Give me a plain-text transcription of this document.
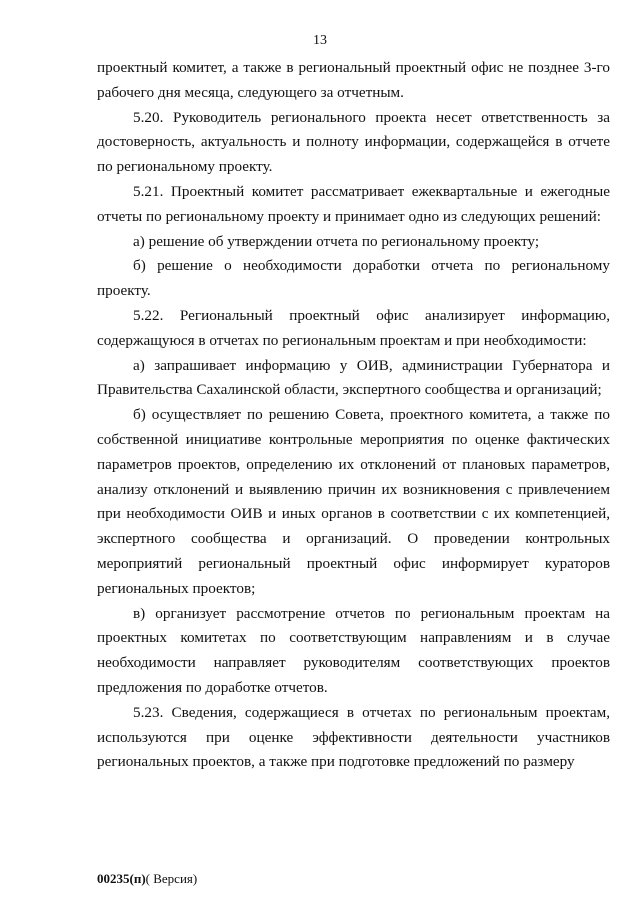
13

проектный комитет, а также в региональный проектный офис не позднее 3-го рабочего дня месяца, следующего за отчетным.

5.20. Руководитель регионального проекта несет ответственность за достоверность, актуальность и полноту информации, содержащейся в отчете по региональному проекту.

5.21. Проектный комитет рассматривает ежеквартальные и ежегодные отчеты по региональному проекту и принимает одно из следующих решений:

а) решение об утверждении отчета по региональному проекту;

б) решение о необходимости доработки отчета по региональному проекту.

5.22. Региональный проектный офис анализирует информацию, содержащуюся в отчетах по региональным проектам и при необходимости:

а) запрашивает информацию у ОИВ, администрации Губернатора и Правительства Сахалинской области, экспертного сообщества и организаций;

б) осуществляет по решению Совета, проектного комитета, а также по собственной инициативе контрольные мероприятия по оценке фактических параметров проектов, определению их отклонений от плановых параметров, анализу отклонений и выявлению причин их возникновения с привлечением при необходимости ОИВ и иных органов в соответствии с их компетенцией, экспертного сообщества и организаций. О проведении контрольных мероприятий региональный проектный офис информирует кураторов региональных проектов;

в) организует рассмотрение отчетов по региональным проектам на проектных комитетах по соответствующим направлениям и в случае необходимости направляет руководителям соответствующих проектов предложения по доработке отчетов.

5.23. Сведения, содержащиеся в отчетах по региональным проектам, используются при оценке эффективности деятельности участников региональных проектов, а также при подготовке предложений по размеру

00235(п)( Версия)
